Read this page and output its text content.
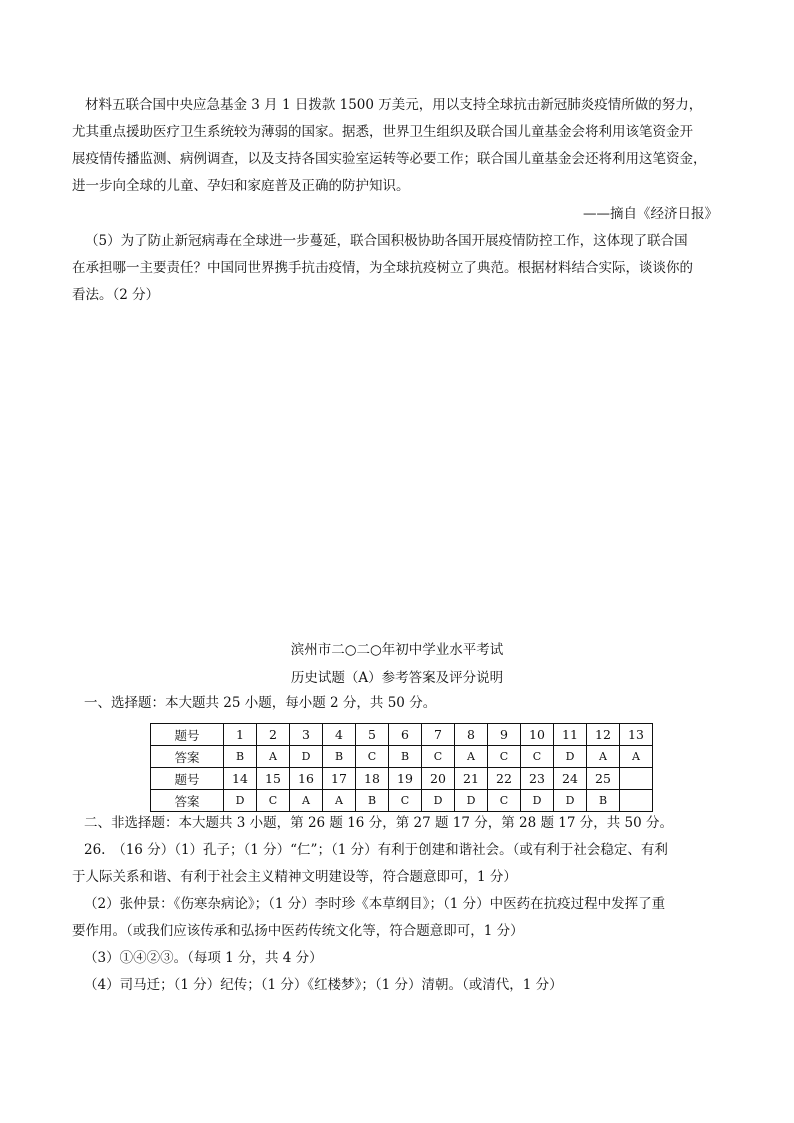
材料五联合国中央应急基金 3 月 1 日拨款 1500 万美元，用以支持全球抗击新冠肺炎疫情所做的努力，
尤其重点援助医疗卫生系统较为薄弱的国家。据悉，世界卫生组织及联合国儿童基金会将利用该笔资金开
展疫情传播监测、病例调查，以及支持各国实验室运转等必要工作；联合国儿童基金会还将利用这笔资金，
进一步向全球的儿童、孕妇和家庭普及正确的防护知识。
——摘自《经济日报》
（5）为了防止新冠病毒在全球进一步蔓延，联合国积极协助各国开展疫情防控工作，这体现了联合国
在承担哪一主要责任？中国同世界携手抗击疫情，为全球抗疫树立了典范。根据材料结合实际，谈谈你的
看法。（2 分）
滨州市二○二○年初中学业水平考试
历史试题（A）参考答案及评分说明
一、选择题：本大题共 25 小题，每小题 2 分，共 50 分。
题号	1	2	3	4	5	6	7	8	9	10	11	12	13
答案	B	A	D	B	C	B	C	A	C	C	D	A	A
题号	14	15	16	17	18	19	20	21	22	23	24	25	
答案	D	C	A	A	B	C	D	D	C	D	D	B	
二、非选择题：本大题共 3 小题，第 26 题 16 分，第 27 题 17 分，第 28 题 17 分，共 50 分。
26.　（16 分）（1）孔子；（1 分）“仁”；（1 分）有利于创建和谐社会。（或有利于社会稳定、有利
于人际关系和谐、有利于社会主义精神文明建设等，符合题意即可，1 分）
（2）张仲景：《伤寒杂病论》；（1 分）李时珍《本草纲目》；（1 分）中医药在抗疫过程中发挥了重
要作用。（或我们应该传承和弘扬中医药传统文化等，符合题意即可，1 分）
（3）①④②③。（每项 1 分，共 4 分）
（4）司马迁；（1 分）纪传；（1 分）《红楼梦》；（1 分）清朝。（或清代，1 分）
